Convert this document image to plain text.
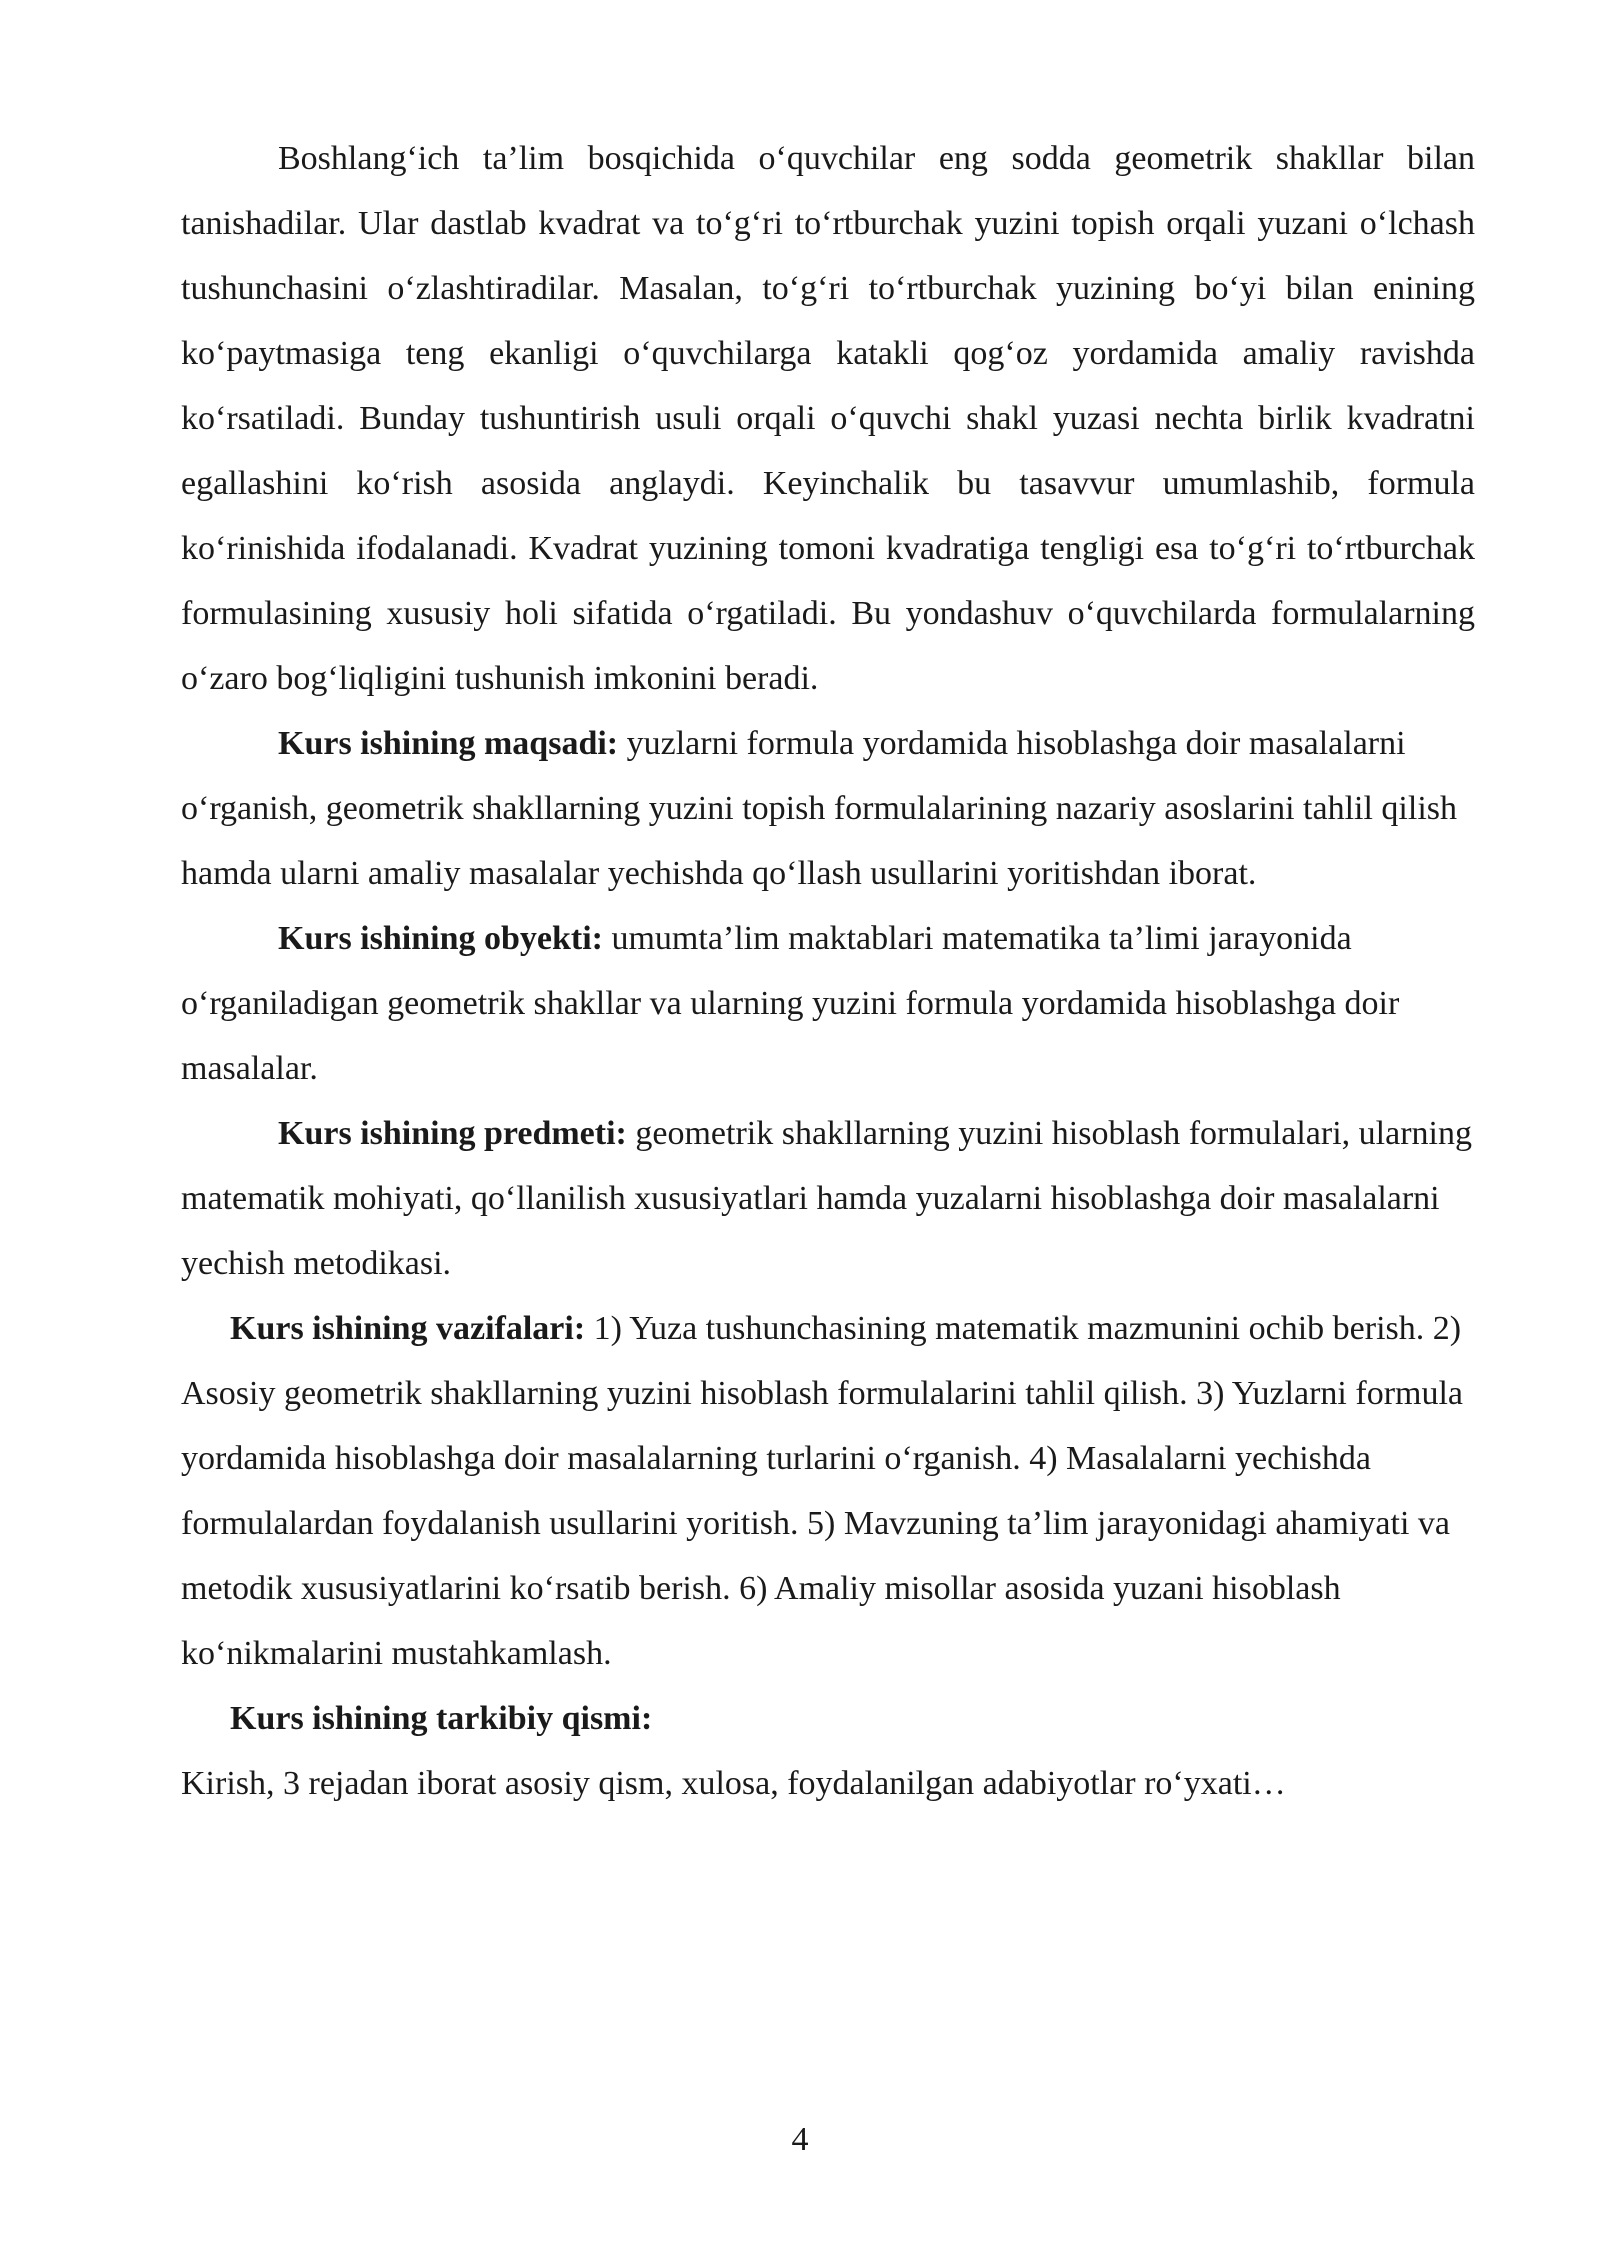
Boshlang‘ich ta’lim bosqichida o‘quvchilar eng sodda geometrik shakllar bilan tanishadilar. Ular dastlab kvadrat va to‘g‘ri to‘rtburchak yuzini topish orqali yuzani o‘lchash tushunchasini o‘zlashtiradilar. Masalan, to‘g‘ri to‘rtburchak yuzining bo‘yi bilan enining ko‘paytmasiga teng ekanligi o‘quvchilarga katakli qog‘oz yordamida amaliy ravishda ko‘rsatiladi. Bunday tushuntirish usuli orqali o‘quvchi shakl yuzasi nechta birlik kvadratni egallashini ko‘rish asosida anglaydi. Keyinchalik bu tasavvur umumlashib, formula ko‘rinishida ifodalanadi. Kvadrat yuzining tomoni kvadratiga tengligi esa to‘g‘ri to‘rtburchak formulasining xususiy holi sifatida o‘rgatiladi. Bu yondashuv o‘quvchilarda formulalarning o‘zaro bog‘liqligini tushunish imkonini beradi.

Kurs ishining maqsadi: yuzlarni formula yordamida hisoblashga doir masalalarni o‘rganish, geometrik shakllarning yuzini topish formulalarining nazariy asoslarini tahlil qilish hamda ularni amaliy masalalar yechishda qo‘llash usullarini yoritishdan iborat.

Kurs ishining obyekti: umumta’lim maktablari matematika ta’limi jarayonida o‘rganiladigan geometrik shakllar va ularning yuzini formula yordamida hisoblashga doir masalalar.

Kurs ishining predmeti: geometrik shakllarning yuzini hisoblash formulalari, ularning matematik mohiyati, qo‘llanilish xususiyatlari hamda yuzalarni hisoblashga doir masalalarni yechish metodikasi.

Kurs ishining vazifalari: 1) Yuza tushunchasining matematik mazmunini ochib berish. 2) Asosiy geometrik shakllarning yuzini hisoblash formulalarini tahlil qilish. 3) Yuzlarni formula yordamida hisoblashga doir masalalarning turlarini o‘rganish. 4) Masalalarni yechishda formulalardan foydalanish usullarini yoritish. 5) Mavzuning ta’lim jarayonidagi ahamiyati va metodik xususiyatlarini ko‘rsatib berish. 6) Amaliy misollar asosida yuzani hisoblash ko‘nikmalarini mustahkamlash.

Kurs ishining tarkibiy qismi:

Kirish, 3 rejadan iborat asosiy qism, xulosa, foydalanilgan adabiyotlar ro‘yxati…

4
